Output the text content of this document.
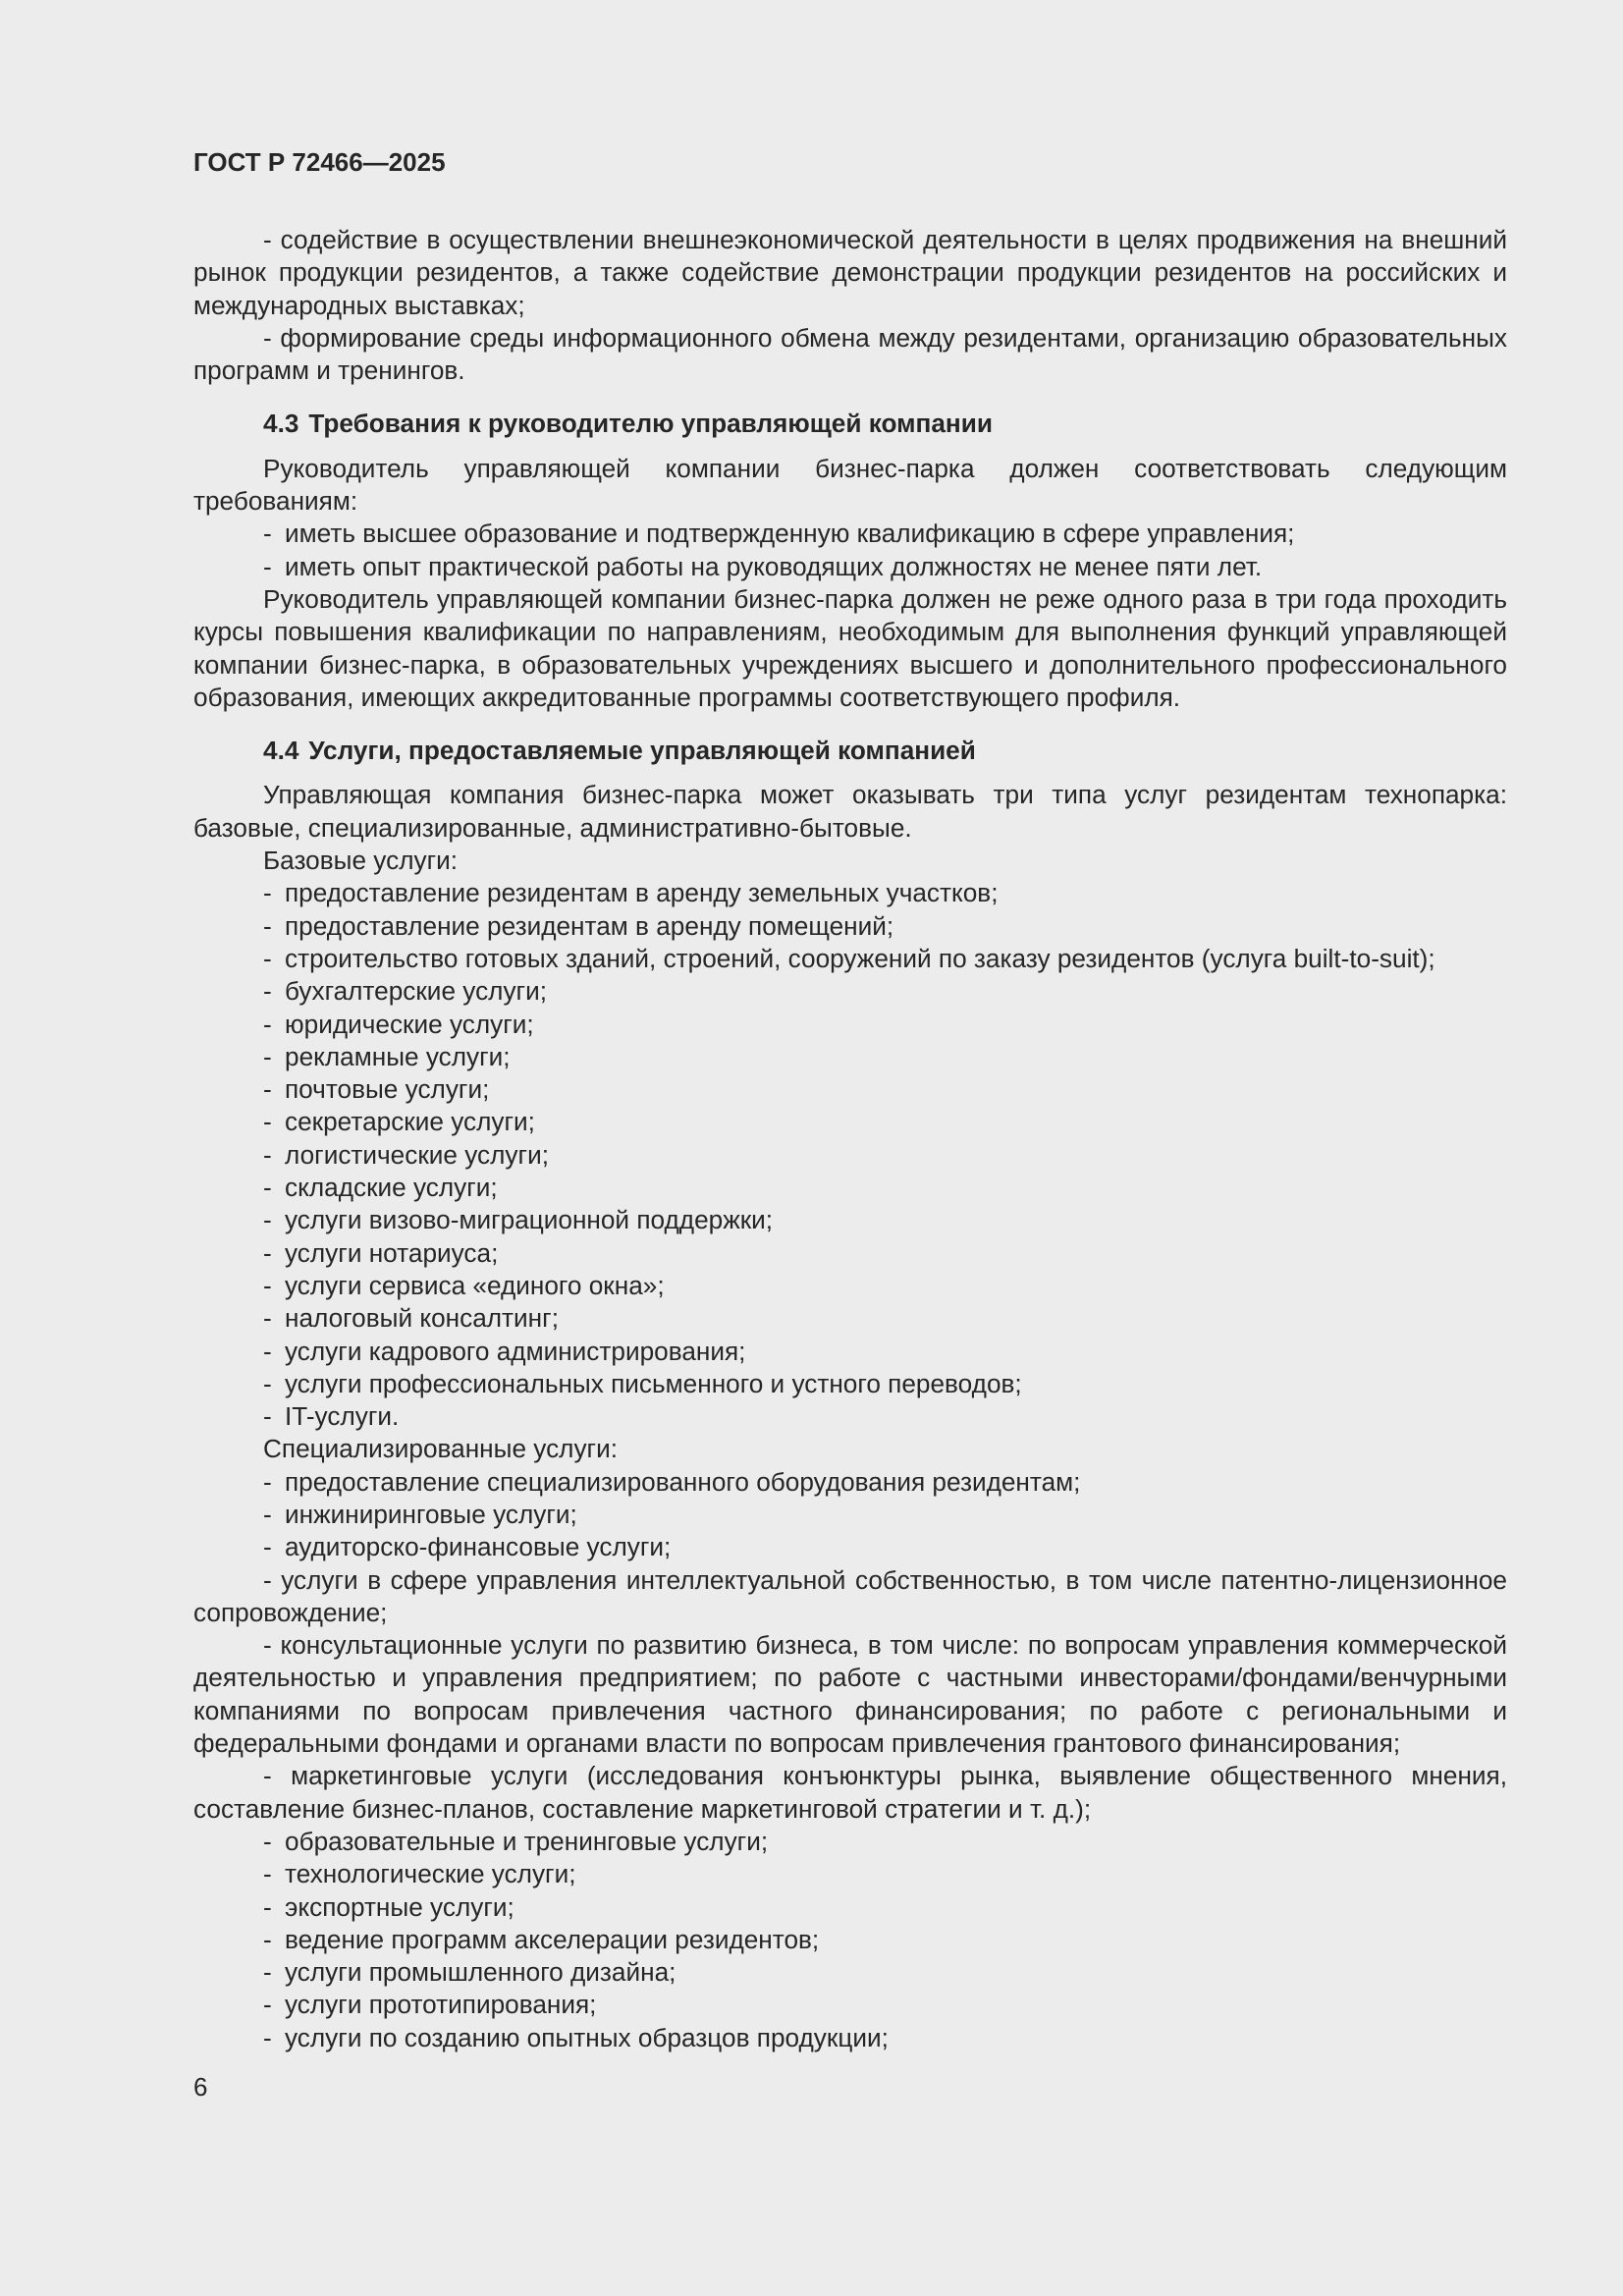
ГОСТ Р 72466—2025

- содействие в осуществлении внешнеэкономической деятельности в целях продвижения на внешний рынок продукции резидентов, а также содействие демонстрации продукции резидентов на российских и международных выставках;

- формирование среды информационного обмена между резидентами, организацию образовательных программ и тренингов.

4.3 Требования к руководителю управляющей компании

Руководитель управляющей компании бизнес-парка должен соответствовать следующим требованиям:

- иметь высшее образование и подтвержденную квалификацию в сфере управления;

- иметь опыт практической работы на руководящих должностях не менее пяти лет.

Руководитель управляющей компании бизнес-парка должен не реже одного раза в три года проходить курсы повышения квалификации по направлениям, необходимым для выполнения функций управляющей компании бизнес-парка, в образовательных учреждениях высшего и дополнительного профессионального образования, имеющих аккредитованные программы соответствующего профиля.

4.4 Услуги, предоставляемые управляющей компанией

Управляющая компания бизнес-парка может оказывать три типа услуг резидентам технопарка: базовые, специализированные, административно-бытовые.

Базовые услуги:

- предоставление резидентам в аренду земельных участков;

- предоставление резидентам в аренду помещений;

- строительство готовых зданий, строений, сооружений по заказу резидентов (услуга built-to-suit);

- бухгалтерские услуги;

- юридические услуги;

- рекламные услуги;

- почтовые услуги;

- секретарские услуги;

- логистические услуги;

- складские услуги;

- услуги визово-миграционной поддержки;

- услуги нотариуса;

- услуги сервиса «единого окна»;

- налоговый консалтинг;

- услуги кадрового администрирования;

- услуги профессиональных письменного и устного переводов;

- IT-услуги.

Специализированные услуги:

- предоставление специализированного оборудования резидентам;

- инжиниринговые услуги;

- аудиторско-финансовые услуги;

- услуги в сфере управления интеллектуальной собственностью, в том числе патентно-лицензионное сопровождение;

- консультационные услуги по развитию бизнеса, в том числе: по вопросам управления коммерческой деятельностью и управления предприятием; по работе с частными инвесторами/фондами/венчурными компаниями по вопросам привлечения частного финансирования; по работе с региональными и федеральными фондами и органами власти по вопросам привлечения грантового финансирования;

- маркетинговые услуги (исследования конъюнктуры рынка, выявление общественного мнения, составление бизнес-планов, составление маркетинговой стратегии и т. д.);

- образовательные и тренинговые услуги;

- технологические услуги;

- экспортные услуги;

- ведение программ акселерации резидентов;

- услуги промышленного дизайна;

- услуги прототипирования;

- услуги по созданию опытных образцов продукции;

6
